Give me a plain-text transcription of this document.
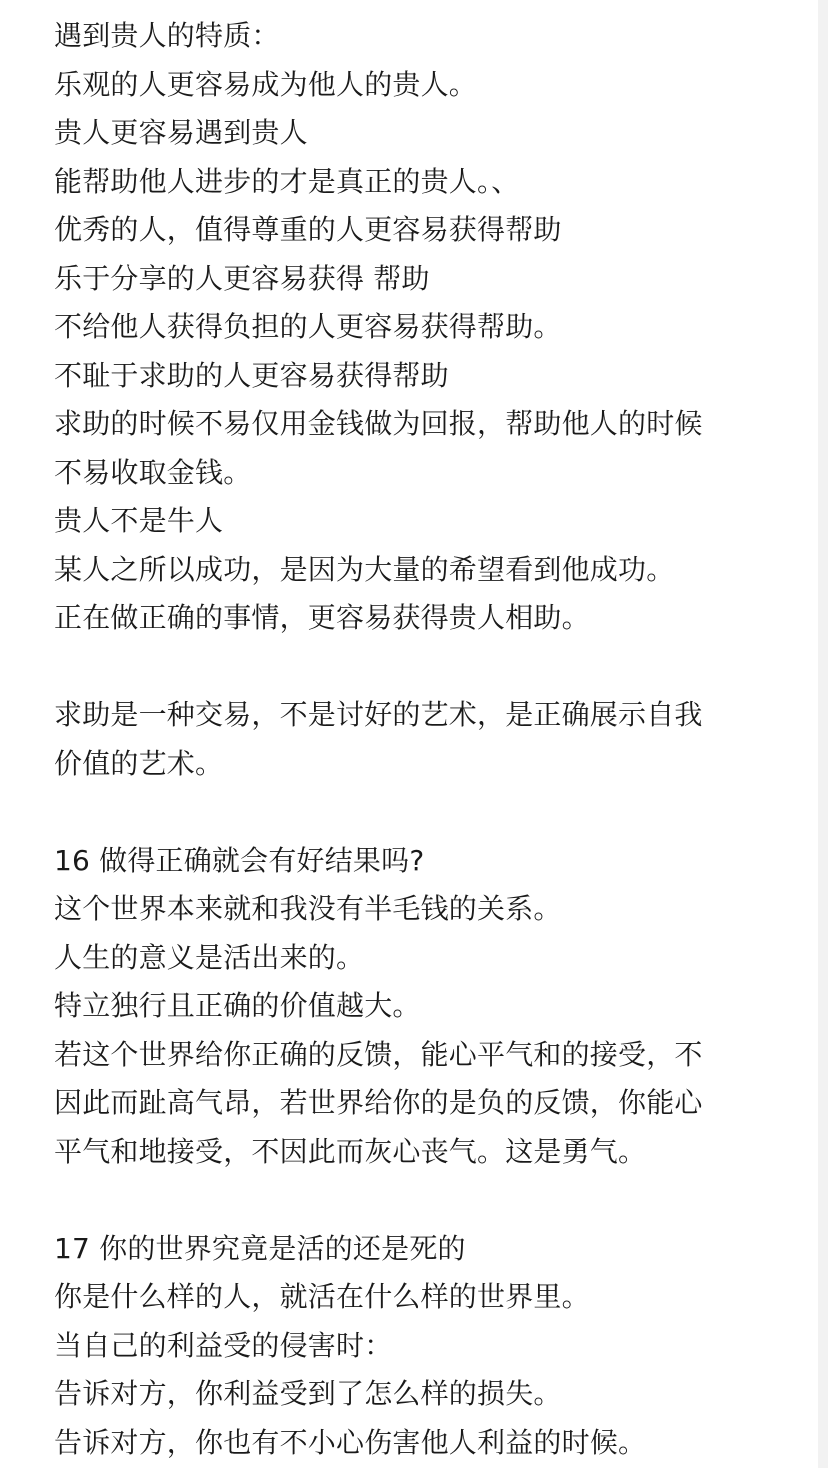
遇到贵人的特质：
乐观的人更容易成为他人的贵人。
贵人更容易遇到贵人
能帮助他人进步的才是真正的贵人。、
优秀的人，值得尊重的人更容易获得帮助
乐于分享的人更容易获得 帮助
不给他人获得负担的人更容易获得帮助。
不耻于求助的人更容易获得帮助
求助的时候不易仅用金钱做为回报，帮助他人的时候
不易收取金钱。
贵人不是牛人
某人之所以成功，是因为大量的希望看到他成功。
正在做正确的事情，更容易获得贵人相助。
求助是一种交易，不是讨好的艺术，是正确展示自我
价值的艺术。
16 做得正确就会有好结果吗?
这个世界本来就和我没有半毛钱的关系。
人生的意义是活出来的。
特立独行且正确的价值越大。
若这个世界给你正确的反馈，能心平气和的接受，不
因此而趾高气昂，若世界给你的是负的反馈，你能心
平气和地接受，不因此而灰心丧气。这是勇气。
17 你的世界究竟是活的还是死的
你是什么样的人，就活在什么样的世界里。
当自己的利益受的侵害时：
告诉对方，你利益受到了怎么样的损失。
告诉对方，你也有不小心伤害他人利益的时候。
